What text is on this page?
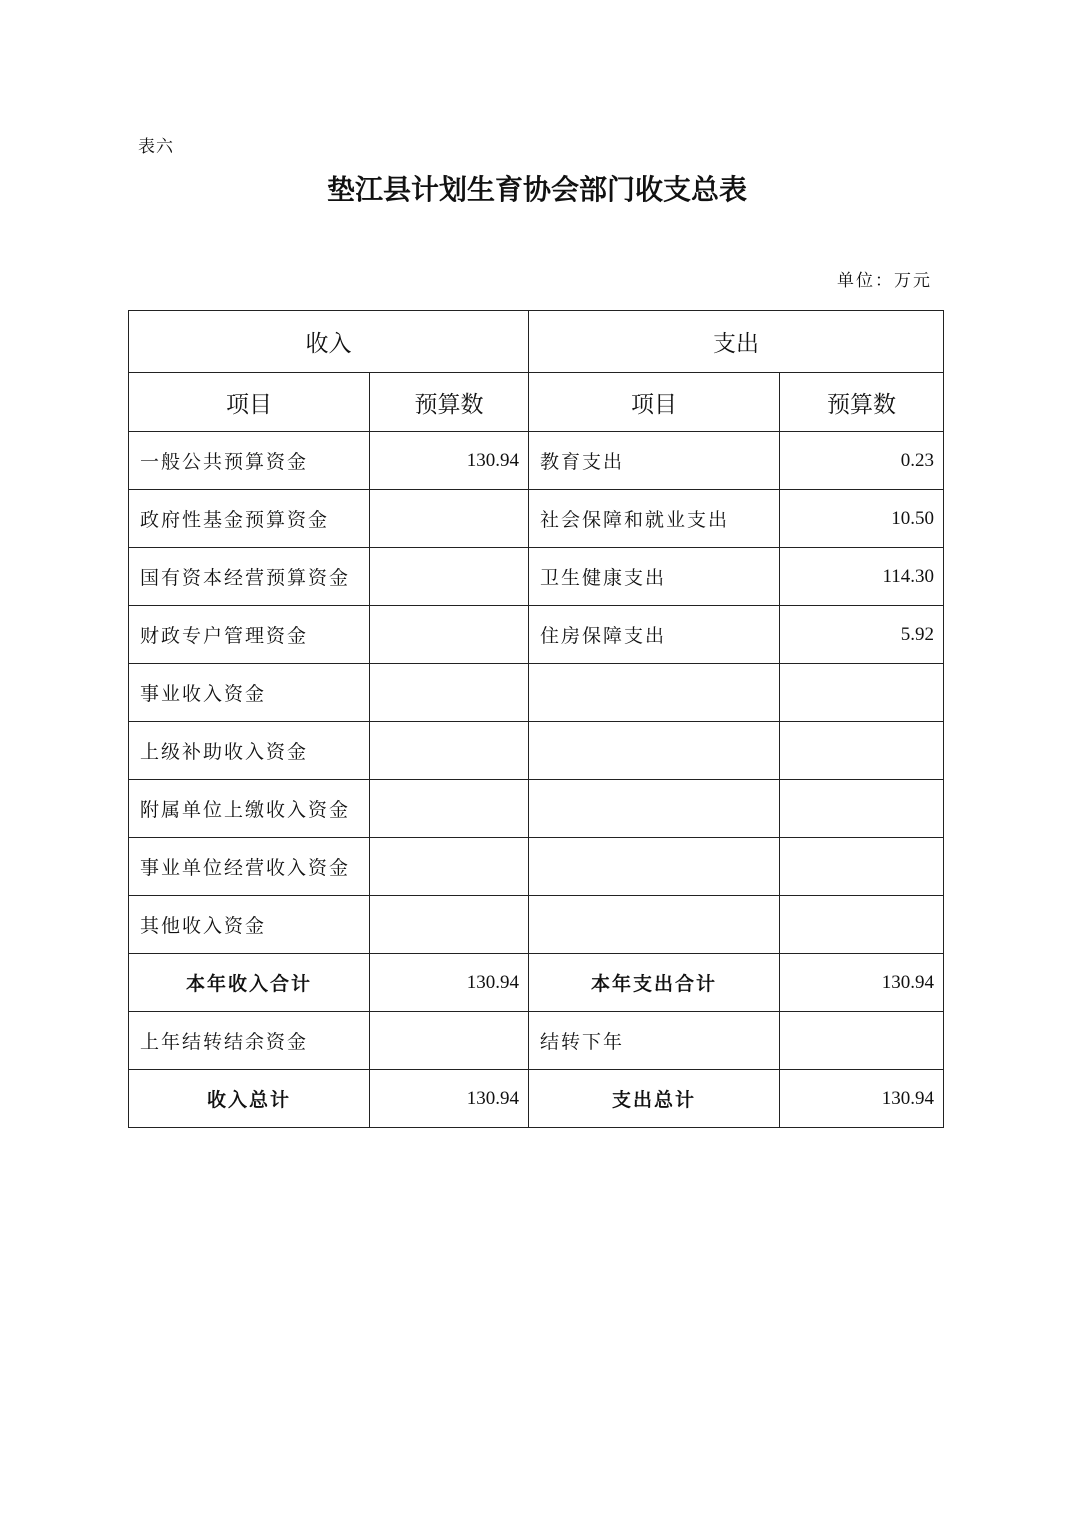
表六
垫江县计划生育协会部门收支总表
单位：万元
收入		支出	
项目	预算数	项目	预算数
一般公共预算资金	130.94	教育支出	0.23
政府性基金预算资金		社会保障和就业支出	10.50
国有资本经营预算资金		卫生健康支出	114.30
财政专户管理资金		住房保障支出	5.92
事业收入资金			
上级补助收入资金			
附属单位上缴收入资金			
事业单位经营收入资金			
其他收入资金			
本年收入合计	130.94	本年支出合计	130.94
上年结转结余资金		结转下年	
收入总计	130.94	支出总计	130.94
